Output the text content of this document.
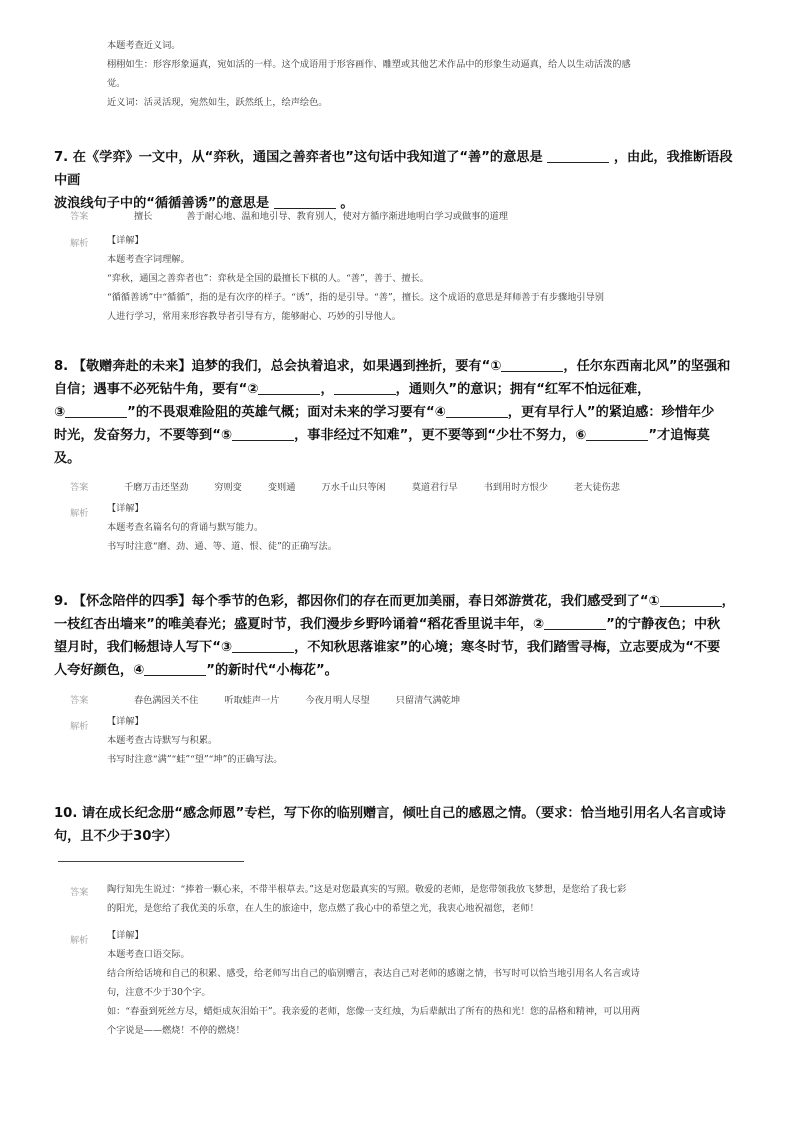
本题考查近义词。

栩栩如生：形容形象逼真，宛如活的一样。这个成语用于形容画作、雕塑或其他艺术作品中的形象生动逼真，给人以生动活泼的感

觉。

近义词：活灵活现，宛然如生，跃然纸上，绘声绘色。

7. 在《学弈》一文中，从“弈秋，通国之善弈者也”这句话中我知道了“善”的意思是	，由此，我推断语段中画

波浪线句子中的“循循善诱”的意思是	。

答案	擅长	善于耐心地、温和地引导、教育别人，使对方循序渐进地明白学习或做事的道理
解析 【详解】

本题考查字词理解。

“弈秋，通国之善弈者也”：弈秋是全国的最擅长下棋的人。“善”，善于、擅长。

“循循善诱”中“循循”，指的是有次序的样子。“诱”，指的是引导。“善”，擅长。这个成语的意思是拜师善于有步骤地引导别

人进行学习，常用来形容教导者引导有方，能够耐心、巧妙的引导他人。

8. 【敬赠奔赴的未来】追梦的我们，总会执着追求，如果遇到挫折，要有“①	，任尔东西南北风”的坚强和

自信；遇事不必死钻牛角，要有“②	，	，通则久”的意识；拥有“红军不怕远征难，

③	”的不畏艰难险阻的英雄气概；面对未来的学习要有“④	，更有早行人”的紧迫感：珍惜年少

时光，发奋努力，不要等到“⑤	，事非经过不知难”，更不要等到“少壮不努力，⑥	”才追悔莫

及。

答案	千磨万击还坚劲	穷则变	变则通	万水千山只等闲	莫道君行早	书到用时方恨少	老大徒伤悲
解析 【详解】

本题考查名篇名句的背诵与默写能力。

书写时注意“磨、劲、通、等、道、恨、徒”的正确写法。

9. 【怀念陪伴的四季】每个季节的色彩，都因你们的存在而更加美丽，春日郊游赏花，我们感受到了“①	，

一枝红杏出墙来”的唯美春光；盛夏时节，我们漫步乡野吟诵着“稻花香里说丰年，②	”的宁静夜色；中秋

望月时，我们畅想诗人写下“③	，不知秋思落谁家”的心境；寒冬时节，我们踏雪寻梅，立志要成为“不要

人夸好颜色，④	”的新时代“小梅花”。

答案	春色满园关不住	听取蛙声一片	今夜月明人尽望	只留清气满乾坤
解析 【详解】

本题考查古诗默写与积累。

书写时注意“满”“蛙”“望”“坤”的正确写法。

10. 请在成长纪念册“感念师恩”专栏，写下你的临别赠言，倾吐自己的感恩之情。（要求：恰当地引用名人名言或诗

句，且不少于30字）

答案 陶行知先生说过：“捧着一颗心来，不带半根草去。”这是对您最真实的写照。敬爱的老师，是您带领我放飞梦想，是您给了我七彩

的阳光，是您给了我优美的乐章，在人生的旅途中，您点燃了我心中的希望之光，我衷心地祝福您，老师！

解析 【详解】

本题考查口语交际。

结合所给话境和自己的积累、感受，给老师写出自己的临别赠言，表达自己对老师的感谢之情，书写时可以恰当地引用名人名言或诗

句，注意不少于30个字。

如：“春蚕到死丝方尽，蜡炬成灰泪始干”。我亲爱的老师，您像一支红烛，为后辈献出了所有的热和光！您的品格和精神，可以用两

个字说是——燃烧！不停的燃烧！
